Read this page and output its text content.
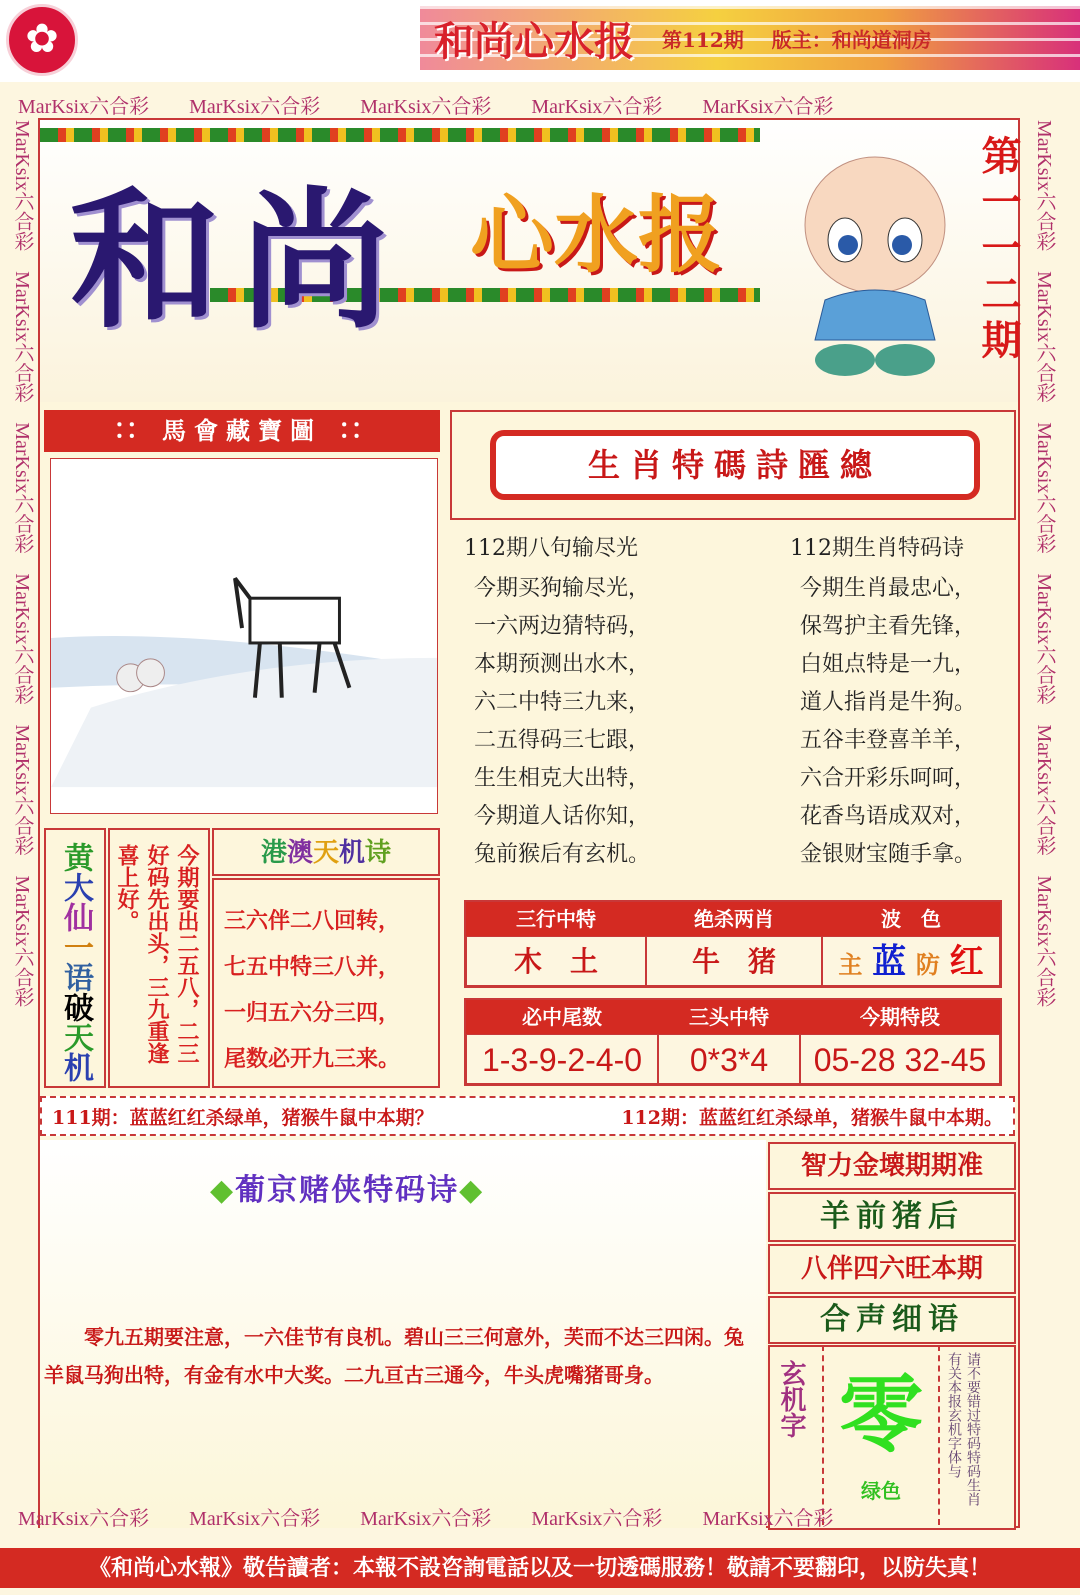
✿	和尚心水报 第112期 版主：和尚道洞房
MarKsix六合彩 MarKsix六合彩 MarKsix六合彩 MarKsix六合彩 MarKsix六合彩
MarKsix六合彩　MarKsix六合彩　MarKsix六合彩　MarKsix六合彩　MarKsix六合彩　MarKsix六合彩
MarKsix六合彩　MarKsix六合彩　MarKsix六合彩　MarKsix六合彩　MarKsix六合彩　MarKsix六合彩
和尚 心水报	第一一二期
∷ 馬會藏寶圖 ∷
生肖特碼詩匯總
112期八句输尽光
今期买狗输尽光，
一六两边猜特码，
本期预测出水木，
六二中特三九来，
二五得码三七跟，
生生相克大出特，
今期道人话你知，
兔前猴后有玄机。
112期生肖特码诗
今期生肖最忠心，
保驾护主看先锋，
白姐点特是一九，
道人指肖是牛狗。
五谷丰登喜羊羊，
六合开彩乐呵呵，
花香鸟语成双对，
金银财宝随手拿。
三行中特	绝杀两肖	波　色
木　土	牛　猪	主 蓝 防 红
必中尾数	三头中特	今期特段
1-3-9-2-4-0	0*3*4	05-28 32-45
黄大仙一语破天机
今期要出二五八，二三好码先出头，三九重逢喜上好。	港澳天机诗
三六伴二八回转，
七五中特三八并，
一归五六分三四，
尾数必开九三来。
111期：蓝蓝红红杀绿单，猪猴牛鼠中本期？	112期：蓝蓝红红杀绿单，猪猴牛鼠中本期。
◆葡京赌侠特码诗◆
零九五期要注意，一六佳节有良机。碧山三三何意外，芙而不达三四闲。兔羊鼠马狗出特，有金有水中大奖。二九亘古三通今，牛头虎嘴猪哥身。
智力金壊期期准
羊前猪后
八伴四六旺本期
合声细语
玄机字 零
绿色	请不要错过特码特码生肖有关本报玄机字体与
MarKsix六合彩 MarKsix六合彩 MarKsix六合彩 MarKsix六合彩 MarKsix六合彩
《和尚心水報》敬告讀者：本報不設咨詢電話以及一切透碼服務！敬請不要翻印，以防失真！
